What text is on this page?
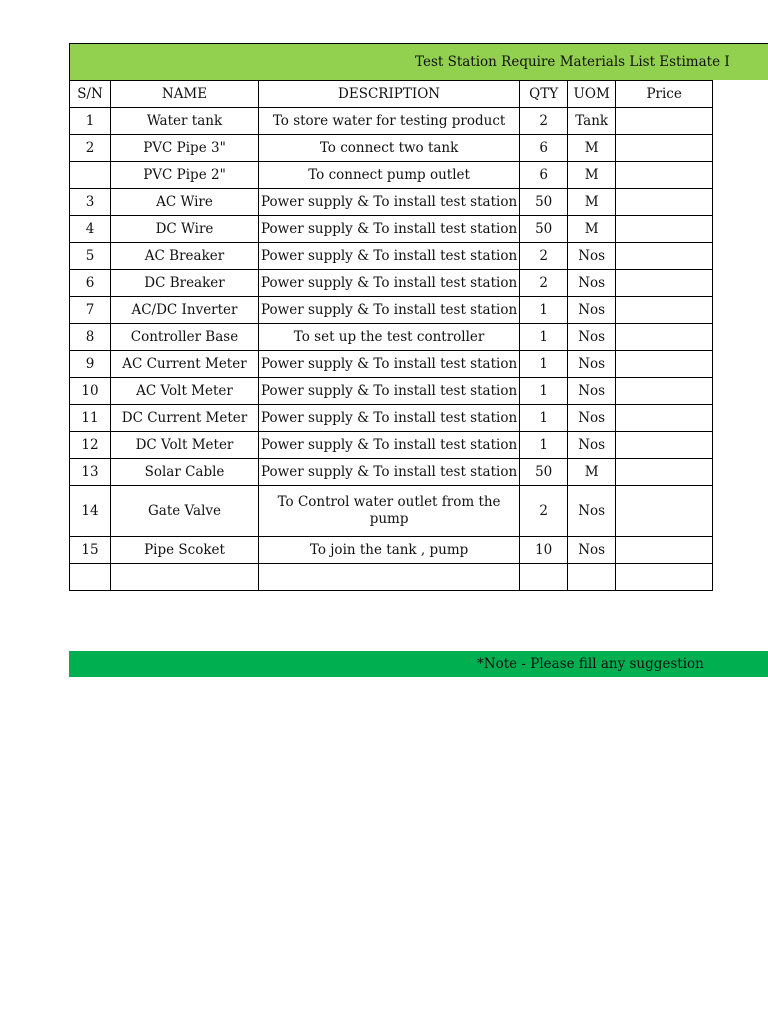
Test Station Require Materials List Estimate I
S/N	NAME	DESCRIPTION	QTY	UOM	Price
1	Water tank	To store water for testing product	2	Tank	
2	PVC Pipe 3"	To connect two tank	6	M	
	PVC Pipe 2"	To connect pump outlet	6	M	
3	AC Wire	Power supply & To install test station	50	M	
4	DC Wire	Power supply & To install test station	50	M	
5	AC Breaker	Power supply & To install test station	2	Nos	
6	DC Breaker	Power supply & To install test station	2	Nos	
7	AC/DC Inverter	Power supply & To install test station	1	Nos	
8	Controller Base	To set up the test controller	1	Nos	
9	AC Current Meter	Power supply & To install test station	1	Nos	
10	AC Volt Meter	Power supply & To install test station	1	Nos	
11	DC Current Meter	Power supply & To install test station	1	Nos	
12	DC Volt Meter	Power supply & To install test station	1	Nos	
13	Solar Cable	Power supply & To install test station	50	M	
14	Gate Valve	To Control water outlet from the pump	2	Nos	
15	Pipe Scoket	To join the tank , pump	10	Nos	

*Note - Please fill any suggestion
